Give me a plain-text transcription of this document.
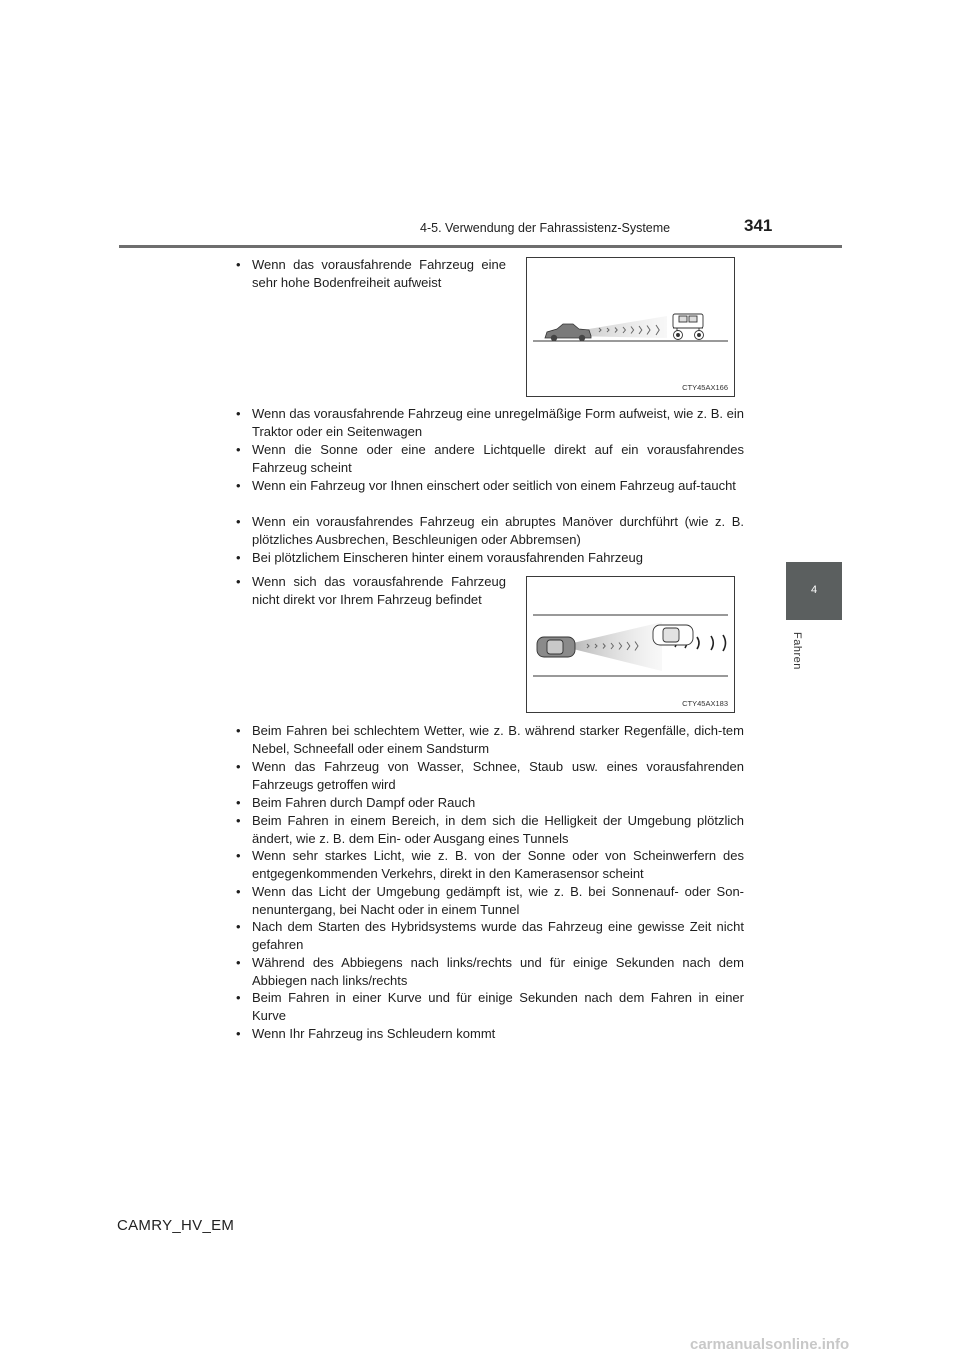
4-5. Verwendung der Fahrassistenz-Systeme	341
4
Fahren
• Wenn das vorausfahrende Fahrzeug eine sehr hohe Bodenfreiheit aufweist
CTY45AX166
• Wenn das vorausfahrende Fahrzeug eine unregelmäßige Form aufweist, wie z. B. ein Traktor oder ein Seitenwagen
• Wenn die Sonne oder eine andere Lichtquelle direkt auf ein vorausfahrendes Fahrzeug scheint
• Wenn ein Fahrzeug vor Ihnen einschert oder seitlich von einem Fahrzeug auf-taucht
• Wenn ein vorausfahrendes Fahrzeug ein abruptes Manöver durchführt (wie z. B. plötzliches Ausbrechen, Beschleunigen oder Abbremsen)
• Bei plötzlichem Einscheren hinter einem vorausfahrenden Fahrzeug
• Wenn sich das vorausfahrende Fahrzeug nicht direkt vor Ihrem Fahrzeug befindet
CTY45AX183
• Beim Fahren bei schlechtem Wetter, wie z. B. während starker Regenfälle, dich-tem Nebel, Schneefall oder einem Sandsturm
• Wenn das Fahrzeug von Wasser, Schnee, Staub usw. eines vorausfahrenden Fahrzeugs getroffen wird
• Beim Fahren durch Dampf oder Rauch
• Beim Fahren in einem Bereich, in dem sich die Helligkeit der Umgebung plötzlich ändert, wie z. B. dem Ein- oder Ausgang eines Tunnels
• Wenn sehr starkes Licht, wie z. B. von der Sonne oder von Scheinwerfern des entgegenkommenden Verkehrs, direkt in den Kamerasensor scheint
• Wenn das Licht der Umgebung gedämpft ist, wie z. B. bei Sonnenauf- oder Son-nenuntergang, bei Nacht oder in einem Tunnel
• Nach dem Starten des Hybridsystems wurde das Fahrzeug eine gewisse Zeit nicht gefahren
• Während des Abbiegens nach links/rechts und für einige Sekunden nach dem Abbiegen nach links/rechts
• Beim Fahren in einer Kurve und für einige Sekunden nach dem Fahren in einer Kurve
• Wenn Ihr Fahrzeug ins Schleudern kommt
CAMRY_HV_EM
carmanualsonline.info
